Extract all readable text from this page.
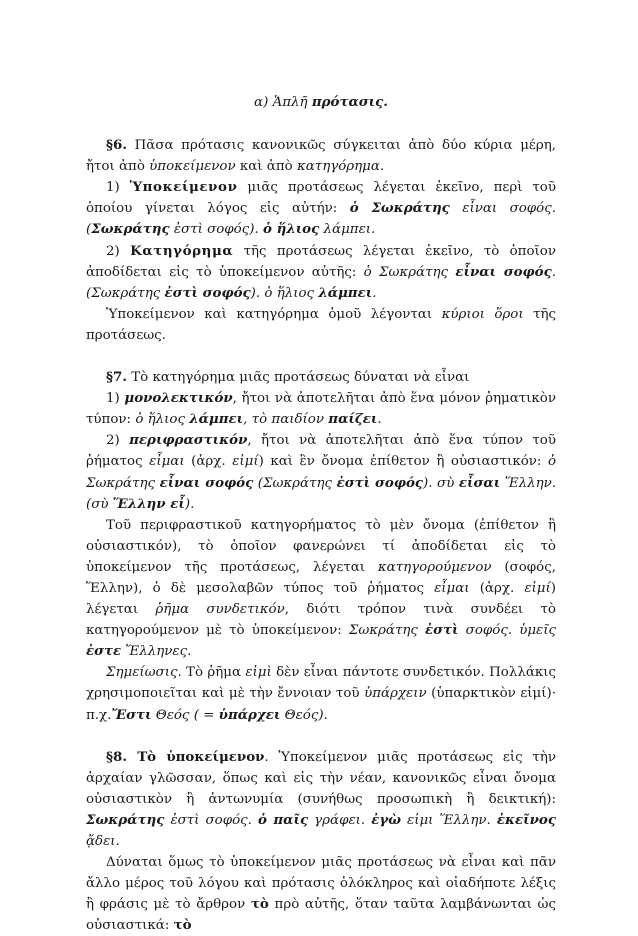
α) Ἁπλῆ πρότασις.

§6. Πᾶσα πρότασις κανονικῶς σύγκειται ἀπὸ δύο κύρια μέρη, ἤτοι ἀπὸ ὑποκείμενον καὶ ἀπὸ κατηγόρημα.

1) Ὑποκείμενον μιᾶς προτάσεως λέγεται ἐκεῖνο, περὶ τοῦ ὁποίου γίνεται λόγος εἰς αὐτήν: ὁ Σωκράτης εἶναι σοφός. (Σωκράτης ἐστὶ σοφός). ὁ ἥλιος λάμπει.

2) Κατηγόρημα τῆς προτάσεως λέγεται ἐκεῖνο, τὸ ὁποῖον ἀποδίδεται εἰς τὸ ὑποκείμενον αὐτῆς: ὁ Σωκράτης εἶναι σοφός. (Σωκράτης ἐστὶ σοφός). ὁ ἥλιος λάμπει.

Ὑποκείμενον καὶ κατηγόρημα ὁμοῦ λέγονται κύριοι ὅροι τῆς προτάσεως.

§7. Τὸ κατηγόρημα μιᾶς προτάσεως δύναται νὰ εἶναι

1) μονολεκτικόν, ἤτοι νὰ ἀποτελῆται ἀπὸ ἕνα μόνον ῥηματικὸν τύπον: ὁ ἥλιος λάμπει, τὸ παιδίον παίζει.

2) περιφραστικόν, ἤτοι νὰ ἀποτελῆται ἀπὸ ἕνα τύπον τοῦ ῥήματος εἶμαι (ἀρχ. εἰμί) καὶ ἓν ὄνομα ἐπίθετον ἢ οὐσιαστικόν: ὁ Σωκράτης εἶναι σοφός (Σωκράτης ἐστὶ σοφός). σὺ εἶσαι Ἕλλην. (σὺ Ἕλλην εἶ).

Τοῦ περιφραστικοῦ κατηγορήματος τὸ μὲν ὄνομα (ἐπίθετον ἢ οὐσιαστικόν), τὸ ὁποῖον φανερώνει τί ἀποδίδεται εἰς τὸ ὑποκείμενον τῆς προτάσεως, λέγεται κατηγορούμενον (σοφός, Ἕλλην), ὁ δὲ μεσολαβῶν τύπος τοῦ ῥήματος εἶμαι (ἀρχ. εἰμί) λέγεται ῥῆμα συνδετικόν, διότι τρόπον τινὰ συνδέει τὸ κατηγορούμενον μὲ τὸ ὑποκείμενον: Σωκράτης ἐστὶ σοφός. ὑμεῖς ἐστε Ἕλληνες.

Σημείωσις. Τὸ ῥῆμα εἰμὶ δὲν εἶναι πάντοτε συνδετικόν. Πολλάκις χρησιμοποιεῖται καὶ μὲ τὴν ἔννοιαν τοῦ ὑπάρχειν (ὑπαρκτικὸν εἰμί)· π.χ.Ἔστι Θεός ( = ὑπάρχει Θεός).

§8. Τὸ ὑποκείμενον. Ὑποκείμενον μιᾶς προτάσεως εἰς τὴν ἀρχαίαν γλῶσσαν, ὅπως καὶ εἰς τὴν νέαν, κανονικῶς εἶναι ὄνομα οὐσιαστικὸν ἢ ἀντωνυμία (συνήθως προσωπικὴ ἢ δεικτική): Σωκράτης ἐστὶ σοφός. ὁ παῖς γράφει. ἐγὼ εἰμι Ἕλλην. ἐκεῖνος ᾄδει.

Δύναται ὅμως τὸ ὑποκείμενον μιᾶς προτάσεως νὰ εἶναι καὶ πᾶν ἄλλο μέρος τοῦ λόγου καὶ πρότασις ὁλόκληρος καὶ οἱαδήποτε λέξις ἢ φράσις μὲ τὸ ἄρθρον τὸ πρὸ αὐτῆς, ὅταν ταῦτα λαμβάνωνται ὡς οὐσιαστικά: τὸ
